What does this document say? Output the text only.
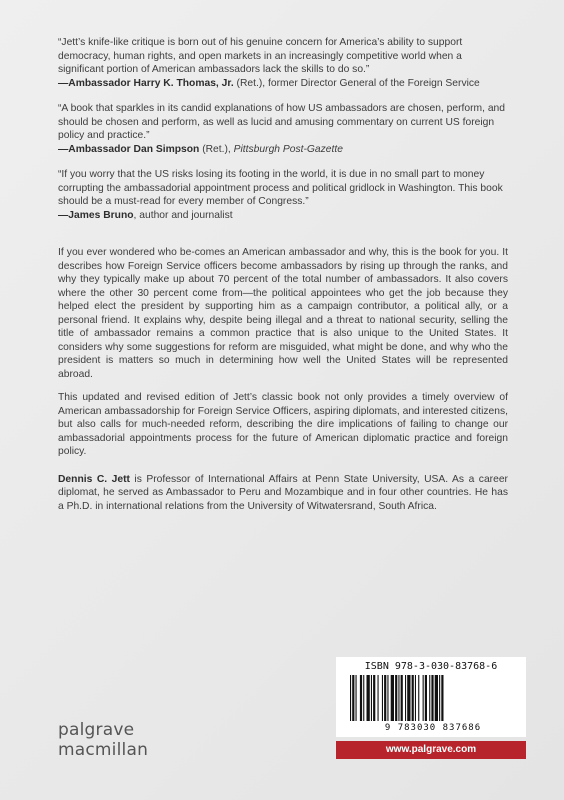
“Jett’s knife-like critique is born out of his genuine concern for America’s ability to support democracy, human rights, and open markets in an increasingly competitive world when a significant portion of American ambassadors lack the skills to do so.”

—Ambassador Harry K. Thomas, Jr. (Ret.), former Director General of the Foreign Service

“A book that sparkles in its candid explanations of how US ambassadors are chosen, perform, and should be chosen and perform, as well as lucid and amusing commentary on current US foreign policy and practice.”

—Ambassador Dan Simpson (Ret.), Pittsburgh Post-Gazette

“If you worry that the US risks losing its footing in the world, it is due in no small part to money corrupting the ambassadorial appointment process and political gridlock in Washington. This book should be a must-read for every member of Congress.”

—James Bruno, author and journalist

If you ever wondered who be-comes an American ambassador and why, this is the book for you. It describes how Foreign Service officers become ambassadors by rising up through the ranks, and why they typically make up about 70 percent of the total number of ambassadors. It also covers where the other 30 percent come from—the political appointees who get the job because they helped elect the president by supporting him as a campaign contributor, a political ally, or a personal friend. It explains why, despite being illegal and a threat to national security, selling the title of ambassador remains a common practice that is also unique to the United States. It considers why some suggestions for reform are misguided, what might be done, and why who the president is matters so much in determining how well the United States will be represented abroad.

This updated and revised edition of Jett’s classic book not only provides a timely overview of American ambassadorship for Foreign Service Officers, aspiring diplomats, and interested citizens, but also calls for much-needed reform, describing the dire implications of failing to change our ambassadorial appointments process for the future of American diplomatic practice and foreign policy.

Dennis C. Jett is Professor of International Affairs at Penn State University, USA. As a career diplomat, he served as Ambassador to Peru and Mozambique and in four other countries. He has a Ph.D. in international relations from the University of Witwatersrand, South Africa.

palgrave
macmillan
ISBN 978-3-030-83768-6
9 783030 837686
www.palgrave.com
